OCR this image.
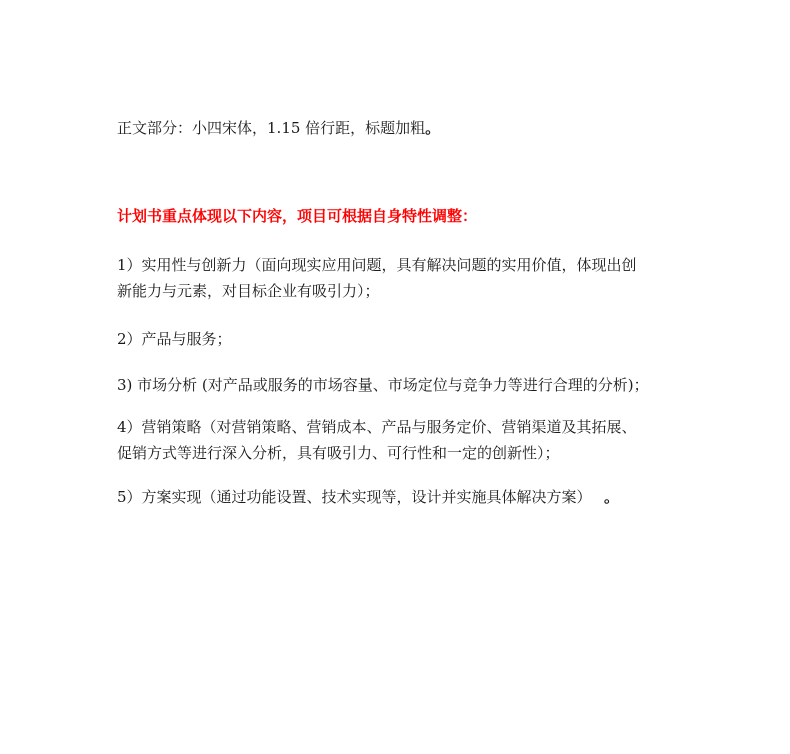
正文部分：小四宋体，1.15 倍行距，标题加粗。
计划书重点体现以下内容，项目可根据自身特性调整：
1）实用性与创新力（面向现实应用问题，具有解决问题的实用价值，体现出创
新能力与元素，对目标企业有吸引力）；
2）产品与服务；
3) 市场分析 (对产品或服务的市场容量、市场定位与竞争力等进行合理的分析)；
4）营销策略（对营销策略、营销成本、产品与服务定价、营销渠道及其拓展、
促销方式等进行深入分析，具有吸引力、可行性和一定的创新性）；
5）方案实现（通过功能设置、技术实现等，设计并实施具体解决方案） 。
